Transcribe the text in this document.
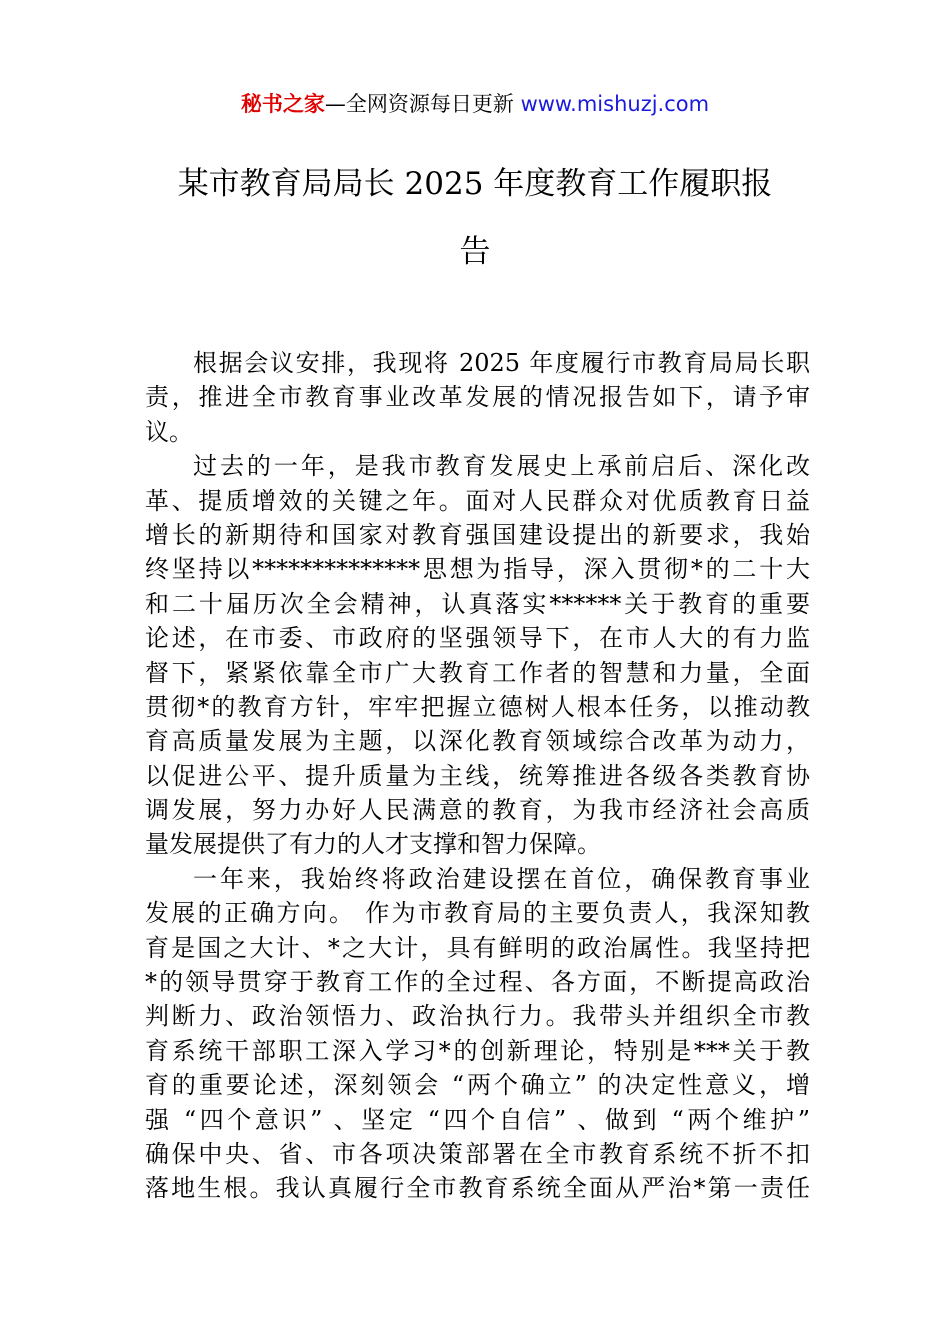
秘书之家—全网资源每日更新 www.mishuzj.com
某市教育局局长 2025 年度教育工作履职报
告
根据会议安排，我现将 2025 年度履行市教育局局长职
责，推进全市教育事业改革发展的情况报告如下，请予审
议。
过去的一年，是我市教育发展史上承前启后、深化改
革、提质增效的关键之年。面对人民群众对优质教育日益
增长的新期待和国家对教育强国建设提出的新要求，我始
终坚持以**************思想为指导，深入贯彻*的二十大
和二十届历次全会精神，认真落实******关于教育的重要
论述，在市委、市政府的坚强领导下，在市人大的有力监
督下，紧紧依靠全市广大教育工作者的智慧和力量，全面
贯彻*的教育方针，牢牢把握立德树人根本任务，以推动教
育高质量发展为主题，以深化教育领域综合改革为动力，
以促进公平、提升质量为主线，统筹推进各级各类教育协
调发展，努力办好人民满意的教育，为我市经济社会高质
量发展提供了有力的人才支撑和智力保障。
一年来，我始终将政治建设摆在首位，确保教育事业
发展的正确方向。 作为市教育局的主要负责人，我深知教
育是国之大计、*之大计，具有鲜明的政治属性。我坚持把
*的领导贯穿于教育工作的全过程、各方面，不断提高政治
判断力、政治领悟力、政治执行力。我带头并组织全市教
育系统干部职工深入学习*的创新理论，特别是***关于教
育的重要论述，深刻领会 “两个确立” 的决定性意义，增
强 “四个意识” 、坚定 “四个自信” 、做到 “两个维护”
确保中央、省、市各项决策部署在全市教育系统不折不扣
落地生根。我认真履行全市教育系统全面从严治*第一责任
